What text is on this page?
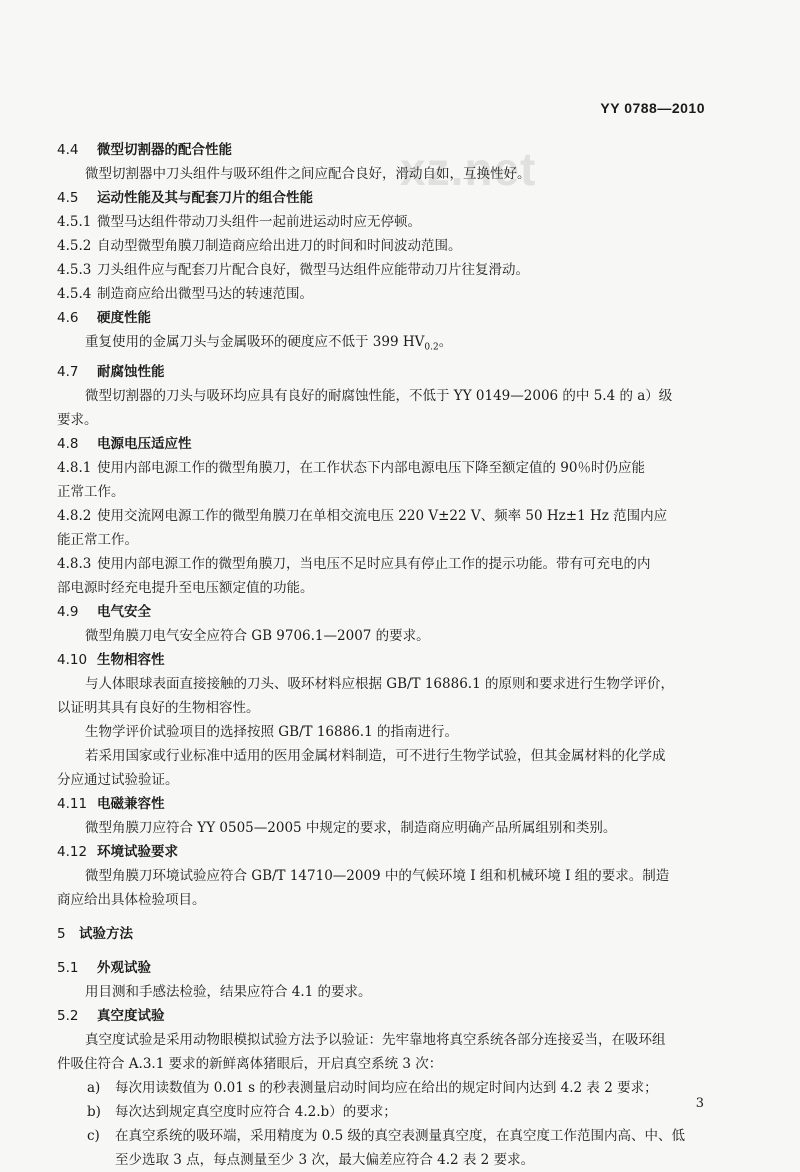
YY 0788—2010
xz.net
4.4 微型切割器的配合性能
微型切割器中刀头组件与吸环组件之间应配合良好，滑动自如，互换性好。
4.5 运动性能及其与配套刀片的组合性能
4.5.1 微型马达组件带动刀头组件一起前进运动时应无停顿。
4.5.2 自动型微型角膜刀制造商应给出进刀的时间和时间波动范围。
4.5.3 刀头组件应与配套刀片配合良好，微型马达组件应能带动刀片往复滑动。
4.5.4 制造商应给出微型马达的转速范围。
4.6 硬度性能
重复使用的金属刀头与金属吸环的硬度应不低于 399 $HV_{0.2}$。
4.7 耐腐蚀性能
微型切割器的刀头与吸环均应具有良好的耐腐蚀性能，不低于 YY 0149—2006 的中 5.4 的 a）级
要求。
4.8 电源电压适应性
4.8.1 使用内部电源工作的微型角膜刀，在工作状态下内部电源电压下降至额定值的 90％时仍应能
正常工作。
4.8.2 使用交流网电源工作的微型角膜刀在单相交流电压 220 V±22 V、频率 50 Hz±1 Hz 范围内应
能正常工作。
4.8.3 使用内部电源工作的微型角膜刀，当电压不足时应具有停止工作的提示功能。带有可充电的内
部电源时经充电提升至电压额定值的功能。
4.9 电气安全
微型角膜刀电气安全应符合 GB 9706.1—2007 的要求。
4.10 生物相容性
与人体眼球表面直接接触的刀头、吸环材料应根据 GB/T 16886.1 的原则和要求进行生物学评价，
以证明其具有良好的生物相容性。
生物学评价试验项目的选择按照 GB/T 16886.1 的指南进行。
若采用国家或行业标准中适用的医用金属材料制造，可不进行生物学试验，但其金属材料的化学成
分应通过试验验证。
4.11 电磁兼容性
微型角膜刀应符合 YY 0505—2005 中规定的要求，制造商应明确产品所属组别和类别。
4.12 环境试验要求
微型角膜刀环境试验应符合 GB/T 14710—2009 中的气候环境 Ⅰ 组和机械环境 Ⅰ 组的要求。制造
商应给出具体检验项目。
5 试验方法
5.1 外观试验
用目测和手感法检验，结果应符合 4.1 的要求。
5.2 真空度试验
真空度试验是采用动物眼模拟试验方法予以验证：先牢靠地将真空系统各部分连接妥当，在吸环组
件吸住符合 A.3.1 要求的新鲜离体猪眼后，开启真空系统 3 次：
a) 每次用读数值为 0.01 s 的秒表测量启动时间均应在给出的规定时间内达到 4.2 表 2 要求；
b) 每次达到规定真空度时应符合 4.2.b）的要求；
c) 在真空系统的吸环端，采用精度为 0.5 级的真空表测量真空度，在真空度工作范围内高、中、低
至少选取 3 点，每点测量至少 3 次，最大偏差应符合 4.2 表 2 要求。
3
